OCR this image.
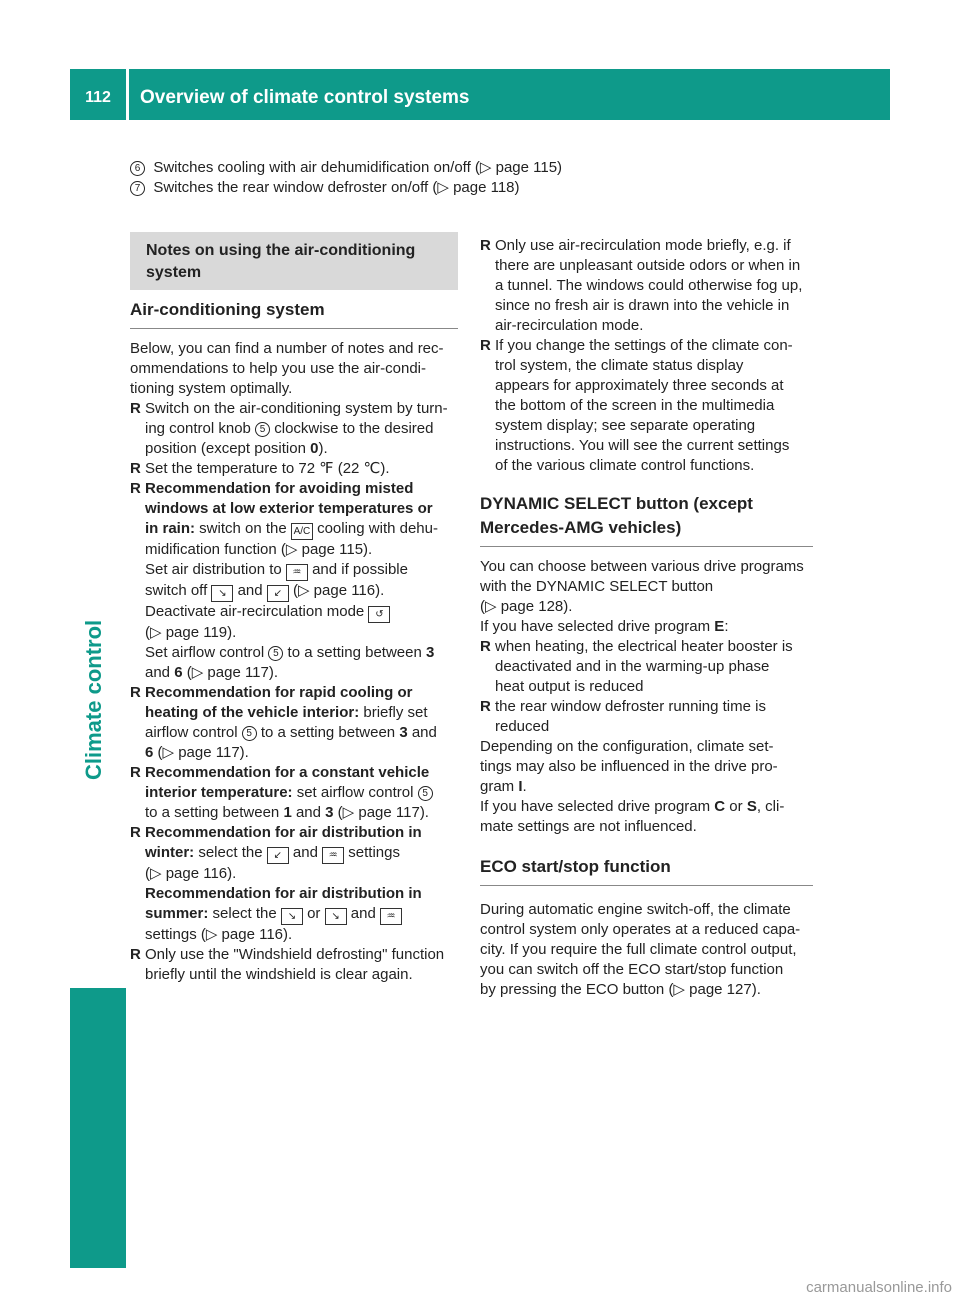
112	Overview of climate control systems
Climate control

6 Switches cooling with air dehumidification on/off (▷ page 115)

7 Switches the rear window defroster on/off (▷ page 118)

Notes on using the air-conditioning
system
Air-conditioning system

Below, you can find a number of notes and rec-

ommendations to help you use the air-condi-

tioning system optimally.

R Switch on the air-conditioning system by turn-

ing control knob 5 clockwise to the desired

position (except position 0).

R Set the temperature to 72 ℉ (22 ℃).

R Recommendation for avoiding misted

windows at low exterior temperatures or

in rain: switch on the A/C cooling with dehu-

midification function (▷ page 115).

Set air distribution to ♒ and if possible

switch off ↘ and ↙ (▷ page 116).

Deactivate air-recirculation mode ↺

(▷ page 119).

Set airflow control 5 to a setting between 3

and 6 (▷ page 117).

R Recommendation for rapid cooling or

heating of the vehicle interior: briefly set

airflow control 5 to a setting between 3 and

6 (▷ page 117).

R Recommendation for a constant vehicle

interior temperature: set airflow control 5

to a setting between 1 and 3 (▷ page 117).

R Recommendation for air distribution in

winter: select the ↙ and ♒ settings

(▷ page 116).

Recommendation for air distribution in

summer: select the ↘ or ↘ and ♒

settings (▷ page 116).

R Only use the "Windshield defrosting" function

briefly until the windshield is clear again.

R Only use air-recirculation mode briefly, e.g. if

there are unpleasant outside odors or when in

a tunnel. The windows could otherwise fog up,

since no fresh air is drawn into the vehicle in

air-recirculation mode.

R If you change the settings of the climate con-

trol system, the climate status display

appears for approximately three seconds at

the bottom of the screen in the multimedia

system display; see separate operating

instructions. You will see the current settings

of the various climate control functions.

DYNAMIC SELECT button (except
Mercedes-AMG vehicles)

You can choose between various drive programs

with the DYNAMIC SELECT button

(▷ page 128).

If you have selected drive program E:

R when heating, the electrical heater booster is

deactivated and in the warming-up phase

heat output is reduced

R the rear window defroster running time is

reduced

Depending on the configuration, climate set-

tings may also be influenced in the drive pro-

gram I.

If you have selected drive program C or S, cli-

mate settings are not influenced.

ECO start/stop function

During automatic engine switch-off, the climate

control system only operates at a reduced capa-

city. If you require the full climate control output,

you can switch off the ECO start/stop function

by pressing the ECO button (▷ page 127).

carmanualsonline.info
